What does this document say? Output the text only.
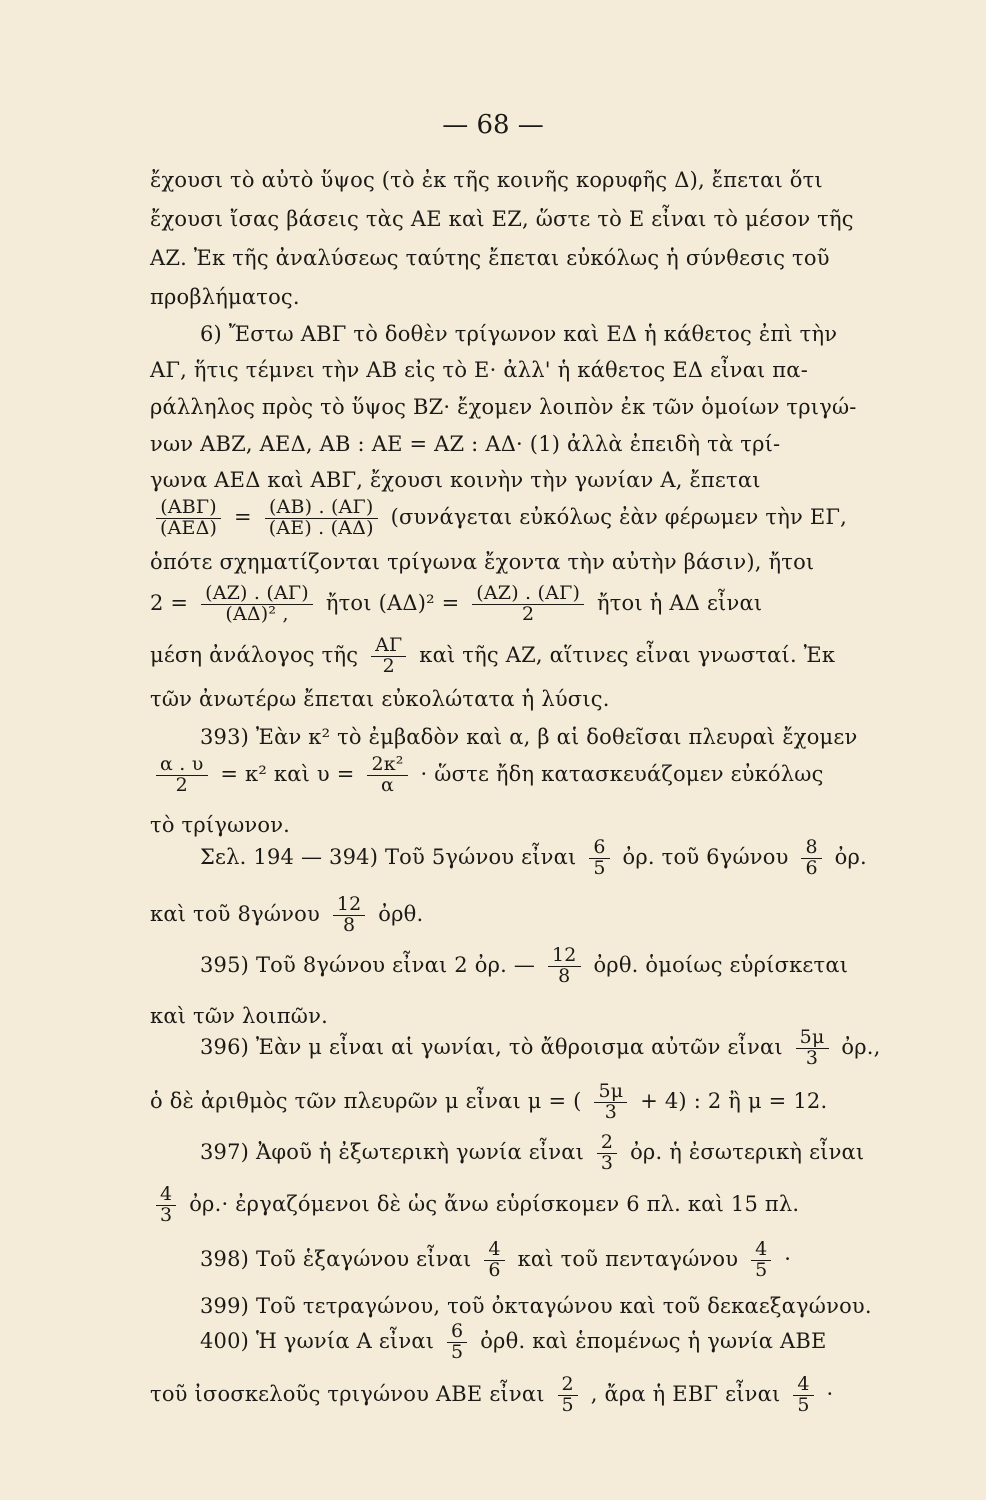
— 68 —
ἔχουσι τὸ αὐτὸ ὕψος (τὸ ἐκ τῆς κοινῆς κορυφῆς Δ), ἔπεται ὅτι
ἔχουσι ἴσας βάσεις τὰς ΑΕ καὶ ΕΖ, ὥστε τὸ Ε εἶναι τὸ μέσον τῆς
ΑΖ. Ἐκ τῆς ἀναλύσεως ταύτης ἔπεται εὐκόλως ἡ σύνθεσις τοῦ
προβλήματος.
6) Ἔστω ΑΒΓ τὸ δοθὲν τρίγωνον καὶ ΕΔ ἡ κάθετος ἐπὶ τὴν
ΑΓ, ἥτις τέμνει τὴν ΑΒ εἰς τὸ Ε· ἀλλ' ἡ κάθετος ΕΔ εἶναι πα-
ράλληλος πρὸς τὸ ὕψος ΒΖ· ἔχομεν λοιπὸν ἐκ τῶν ὁμοίων τριγώ-
νων ΑΒΖ, ΑΕΔ, ΑΒ : ΑΕ = ΑΖ : ΑΔ· (1) ἀλλὰ ἐπειδὴ τὰ τρί-
γωνα ΑΕΔ καὶ ΑΒΓ, ἔχουσι κοινὴν τὴν γωνίαν Α, ἔπεται
$\frac{\text{(ΑΒΓ)}}{\text{(ΑΕΔ)}} = \frac{(AB) . (A\Gamma)}{(AE) . (A\Delta)} (\sigma\upsilon\nu ά\gamma\varepsilon\tau\alpha\iota$ εὐκόλως ἐὰν φέρωμεν τὴν ΕΓ,
ὁπότε σχηματίζονται τρίγωνα ἔχοντα τὴν αὐτὴν βάσιν), ἤτοι
$2 = \frac{(AZ) . (A\Gamma)}{\text{(ΑΔ)² ,}}$ ἤτοι $(A\Delta)^2 = \frac{(AZ) . (A\Gamma)}{2}$ ἤτοι ἡ ΑΔ εἶναι
μέση ἀνάλογος τῆς $\frac{A\Gamma}{2}$ καὶ τῆς ΑΖ, αἵτινες εἶναι γνωσταί. Ἐκ
τῶν ἀνωτέρω ἔπεται εὐκολώτατα ἡ λύσις.
393) Ἐὰν κ² τὸ ἐμβαδὸν καὶ α, β αἱ δοθεῖσαι πλευραὶ ἔχομεν
$\frac{\alpha . \upsilon}{2} = \kappa^2$ καὶ $\upsilon = \frac{\text{2κ²}}{\alpha}$ · ὥστε ἤδη κατασκευάζομεν εὐκόλως
τὸ τρίγωνον.
Σελ. 194 — 394) Τοῦ 5γώνου εἶναι $\frac{6}{5}$ ὀρ. τοῦ $6\gamma ώ\nu o\upsilon \frac{8}{6}$ ὀρ.
καὶ τοῦ $8\gamma ώ\nu o\upsilon \frac{12}{8}$ ὀρθ.
395) Τοῦ 8γώνου εἶναι 2 ὀρ. — $\frac{12}{8}$ ὀρθ. ὁμοίως εὑρίσκεται
καὶ τῶν λοιπῶν.
396) Ἐὰν μ εἶναι αἱ γωνίαι, τὸ ἄθροισμα αὐτῶν εἶναι $\frac{5\mu}{3}$ ὀρ.,
ὁ δὲ ἀριθμὸς τῶν πλευρῶν μ εἶναι μ = ( $\frac{5\mu}{3} + 4$) : 2 ἢ μ = 12.
397) Ἀφοῦ ἡ ἐξωτερικὴ γωνία εἶναι $\frac{2}{3}$ ὀρ. ἡ ἐσωτερικὴ εἶναι
$\frac{4}{3}$ ὀρ.· ἐργαζόμενοι δὲ ὡς ἄνω εὑρίσκομεν 6 πλ. καὶ 15 πλ.
398) Τοῦ ἑξαγώνου εἶναι $\frac{4}{6}$ καὶ τοῦ πενταγώνου $\frac{4}{5}$ ·
399) Τοῦ τετραγώνου, τοῦ ὀκταγώνου καὶ τοῦ δεκαεξαγώνου.
400) Ἡ γωνία Α εἶναι $\frac{6}{5}$ ὀρθ. καὶ ἑπομένως ἡ γωνία ΑΒΕ
τοῦ ἰσοσκελοῦς τριγώνου ΑΒΕ εἶναι $\frac{2}{5}$ , ἄρα ἡ ΕΒΓ εἶναι $\frac{4}{5}$ ·
